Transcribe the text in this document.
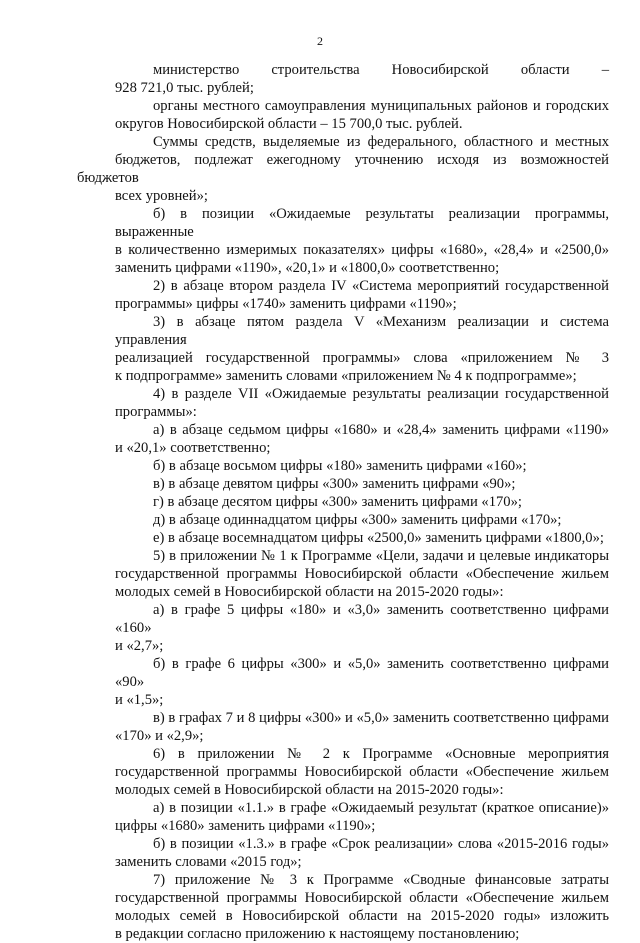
2
министерство строительства Новосибирской области –
928 721,0 тыс. рублей;
органы местного самоуправления муниципальных районов и городских
округов Новосибирской области – 15 700,0 тыс. рублей.
Суммы средств, выделяемые из федерального, областного и местных
бюджетов, подлежат ежегодному уточнению исходя из возможностей бюджетов
всех уровней»;
б) в позиции «Ожидаемые результаты реализации программы, выраженные
в количественно измеримых показателях» цифры «1680», «28,4» и «2500,0»
заменить цифрами «1190», «20,1» и «1800,0» соответственно;
2) в абзаце втором раздела IV «Система мероприятий государственной
программы» цифры «1740» заменить цифрами «1190»;
3) в абзаце пятом раздела V «Механизм реализации и система управления
реализацией государственной программы» слова «приложением № 3
к подпрограмме» заменить словами «приложением № 4 к подпрограмме»;
4) в разделе VII «Ожидаемые результаты реализации государственной
программы»:
а) в абзаце седьмом цифры «1680» и «28,4» заменить цифрами «1190»
и «20,1» соответственно;
б) в абзаце восьмом цифры «180» заменить цифрами «160»;
в) в абзаце девятом цифры «300» заменить цифрами «90»;
г) в абзаце десятом цифры «300» заменить цифрами «170»;
д) в абзаце одиннадцатом цифры «300» заменить цифрами «170»;
е) в абзаце восемнадцатом цифры «2500,0» заменить цифрами «1800,0»;
5) в приложении № 1 к Программе «Цели, задачи и целевые индикаторы
государственной программы Новосибирской области «Обеспечение жильем
молодых семей в Новосибирской области на 2015-2020 годы»:
а) в графе 5 цифры «180» и «3,0» заменить соответственно цифрами «160»
и «2,7»;
б) в графе 6 цифры «300» и «5,0» заменить соответственно цифрами «90»
и «1,5»;
в) в графах 7 и 8 цифры «300» и «5,0» заменить соответственно цифрами
«170» и «2,9»;
6) в приложении № 2 к Программе «Основные мероприятия
государственной программы Новосибирской области «Обеспечение жильем
молодых семей в Новосибирской области на 2015-2020 годы»:
а) в позиции «1.1.» в графе «Ожидаемый результат (краткое описание)»
цифры «1680» заменить цифрами «1190»;
б) в позиции «1.3.» в графе «Срок реализации» слова «2015-2016 годы»
заменить словами «2015 год»;
7) приложение № 3 к Программе «Сводные финансовые затраты
государственной программы Новосибирской области «Обеспечение жильем
молодых семей в Новосибирской области на 2015-2020 годы» изложить
в редакции согласно приложению к настоящему постановлению;
